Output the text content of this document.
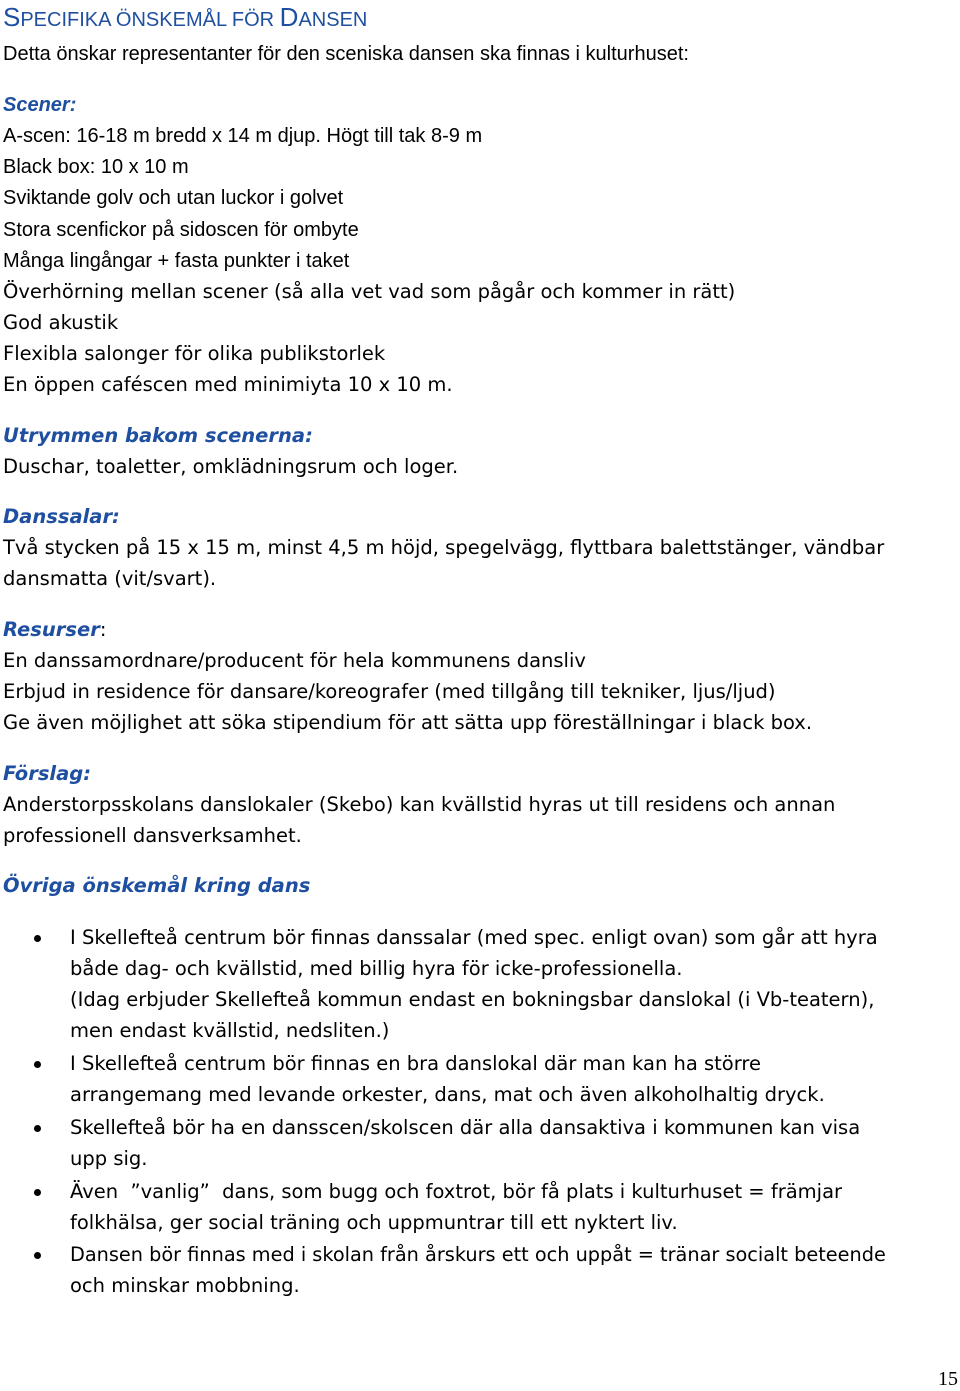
SPECIFIKA ÖNSKEMÅL FÖR DANSEN
Detta önskar representanter för den sceniska dansen ska finnas i kulturhuset:
Scener:
A-scen: 16-18 m bredd x 14 m djup. Högt till tak 8-9 m
Black box: 10 x 10 m
Sviktande golv och utan luckor i golvet
Stora scenfickor på sidoscen för ombyte
Många lingångar + fasta punkter i taket
Överhörning mellan scener (så alla vet vad som pågår och kommer in rätt)
God akustik
Flexibla salonger för olika publikstorlek
En öppen caféscen med minimiyta 10 x 10 m.
Utrymmen bakom scenerna:
Duschar, toaletter, omklädningsrum och loger.
Danssalar:
Två stycken på 15 x 15 m, minst 4,5 m höjd, spegelvägg, flyttbara balettstänger, vändbar
dansmatta (vit/svart).
Resurser:
En danssamordnare/producent för hela kommunens dansliv
Erbjud in residence för dansare/koreografer (med tillgång till tekniker, ljus/ljud)
Ge även möjlighet att söka stipendium för att sätta upp föreställningar i black box.
Förslag:
Anderstorpsskolans danslokaler (Skebo) kan kvällstid hyras ut till residens och annan
professionell dansverksamhet.
Övriga önskemål kring dans
I Skellefteå centrum bör finnas danssalar (med spec. enligt ovan) som går att hyra
både dag- och kvällstid, med billig hyra för icke-professionella.
(Idag erbjuder Skellefteå kommun endast en bokningsbar danslokal (i Vb-teatern),
men endast kvällstid, nedsliten.)
I Skellefteå centrum bör finnas en bra danslokal där man kan ha större
arrangemang med levande orkester, dans, mat och även alkoholhaltig dryck.
Skellefteå bör ha en dansscen/skolscen där alla dansaktiva i kommunen kan visa
upp sig.
Även  ”vanlig”  dans, som bugg och foxtrot, bör få plats i kulturhuset = främjar
folkhälsa, ger social träning och uppmuntrar till ett nyktert liv.
Dansen bör finnas med i skolan från årskurs ett och uppåt = tränar socialt beteende
och minskar mobbning.
15
